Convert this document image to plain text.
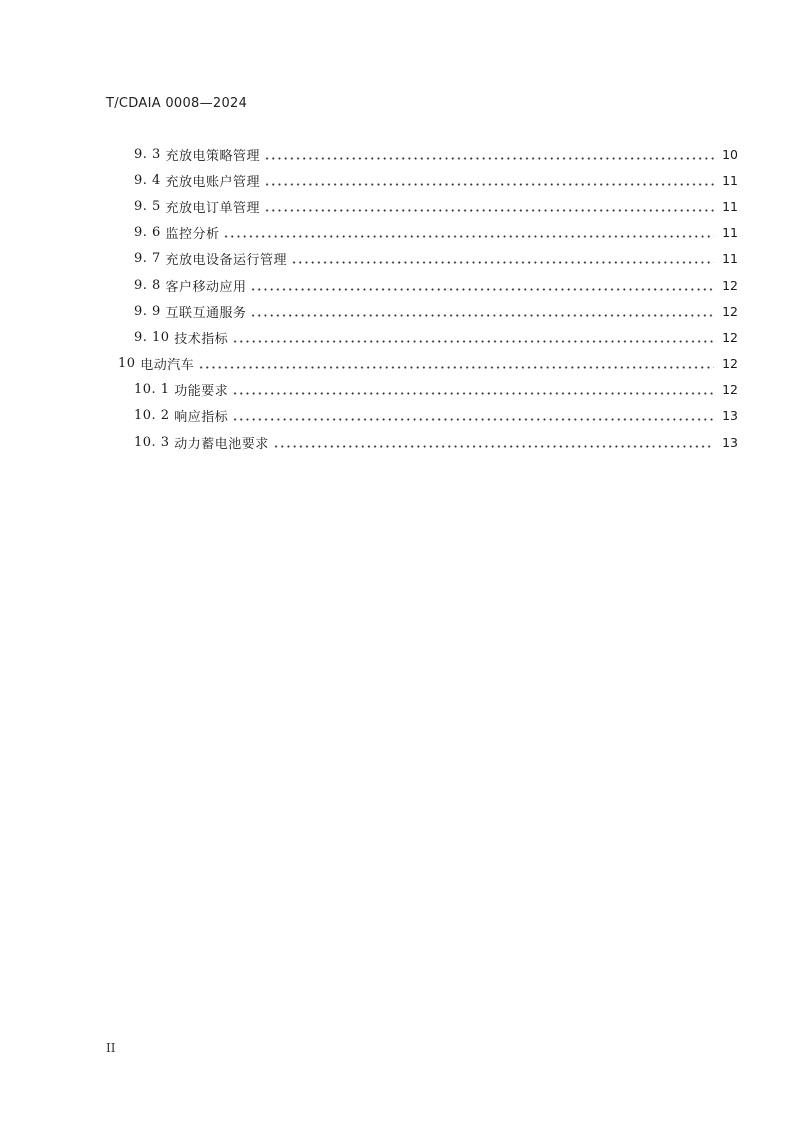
T/CDAIA 0008—2024
9. 3 充放电策略管理	10
9. 4 充放电账户管理	11
9. 5 充放电订单管理	11
9. 6 监控分析	11
9. 7 充放电设备运行管理	11
9. 8 客户移动应用	12
9. 9 互联互通服务	12
9. 10 技术指标	12
10 电动汽车	12
10. 1 功能要求	12
10. 2 响应指标	13
10. 3 动力蓄电池要求	13
II
